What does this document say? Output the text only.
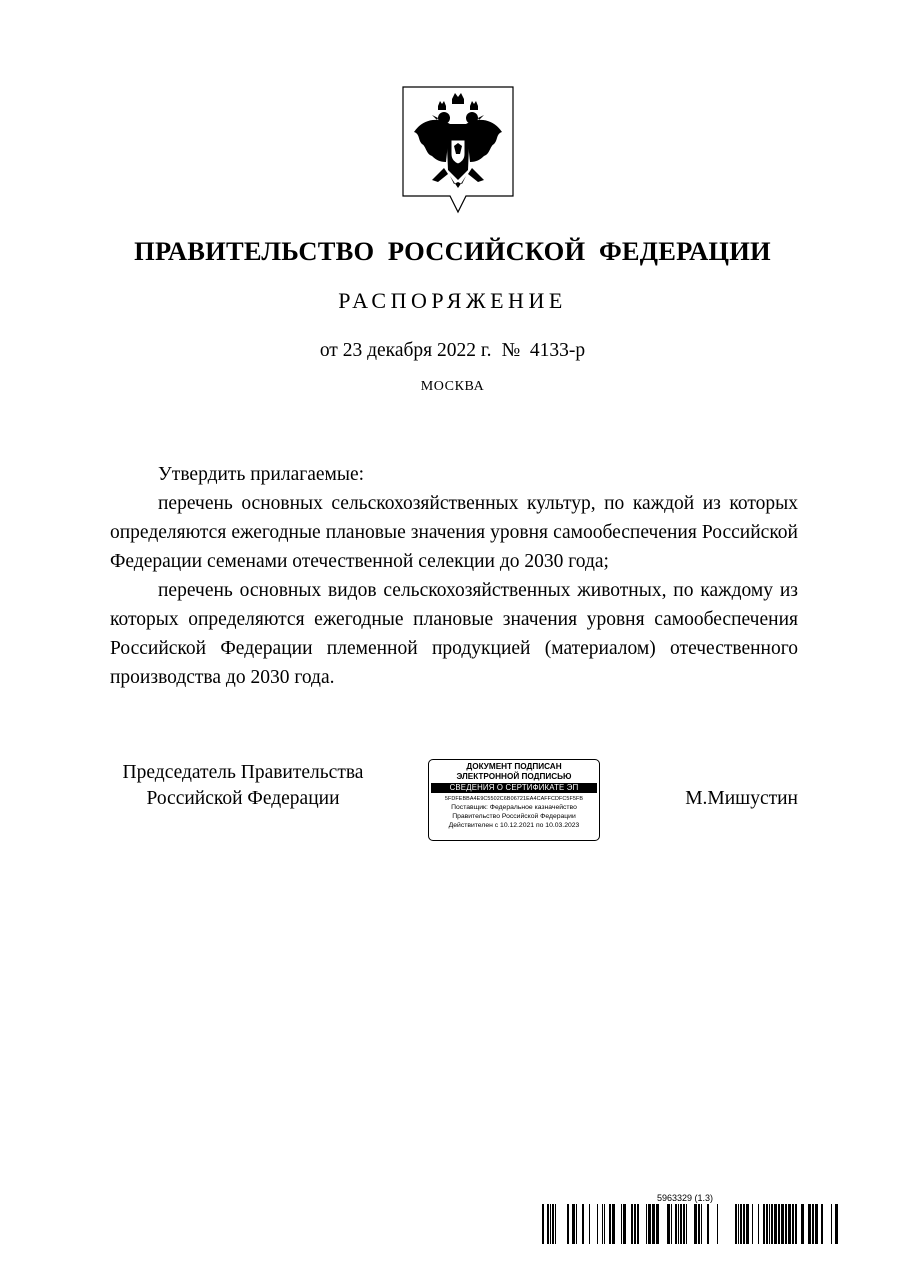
ПРАВИТЕЛЬСТВО  РОССИЙСКОЙ  ФЕДЕРАЦИИ
РАСПОРЯЖЕНИЕ
от 23 декабря 2022 г. №  4133-р
МОСКВА

Утвердить прилагаемые:

перечень основных сельскохозяйственных культур, по каждой из которых определяются ежегодные плановые значения уровня самообеспечения Российской Федерации семенами отечественной селекции до 2030 года;

перечень основных видов сельскохозяйственных животных, по каждому из которых определяются ежегодные плановые значения уровня самообеспечения Российской Федерации племенной продукцией (материалом) отечественного производства до 2030 года.

Председатель Правительства
Российской Федерации
ДОКУМЕНТ ПОДПИСАН
ЭЛЕКТРОННОЙ ПОДПИСЬЮ
СВЕДЕНИЯ О СЕРТИФИКАТЕ ЭП
5FDFEBBA4E9C5502C6B06721EA4CAFFCDFC5F5FB
Поставщик: Федеральное казначейство
Правительство Российской Федерации
Действителен с 10.12.2021 по 10.03.2023
М.Мишустин
5963329 (1.3)
